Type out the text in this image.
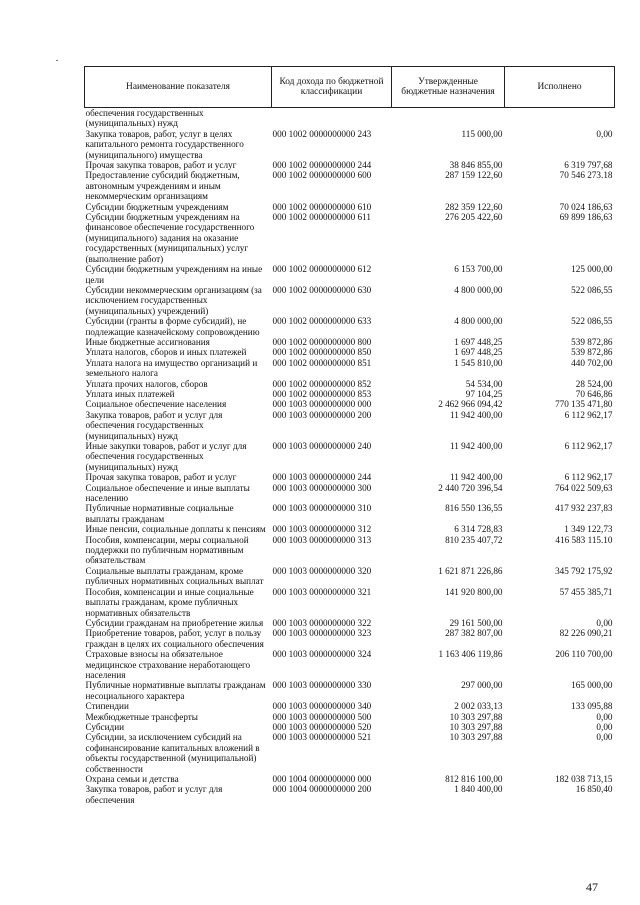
Наименование показателя	Код дохода по бюджетной классификации	Утвержденные бюджетные назначения	Исполнено
обеспечения государственных (муниципальных) нужд			
Закупка товаров, работ, услуг в целях капитального ремонта государственного (муниципального) имущества	000 1002 0000000000 243	115 000,00	0,00
Прочая закупка товаров, работ и услуг	000 1002 0000000000 244	38 846 855,00	6 319 797,68
Предоставление субсидий бюджетным, автономным учреждениям и иным некоммерческим организациям	000 1002 0000000000 600	287 159 122,60	70 546 273.18
Субсидии бюджетным учреждениям	000 1002 0000000000 610	282 359 122,60	70 024 186,63
Субсидии бюджетным учреждениям на финансовое обеспечение государственного (муниципального) задания на оказание государственных (муниципальных) услуг (выполнение работ)	000 1002 0000000000 611	276 205 422,60	69 899 186,63
Субсидии бюджетным учреждениям на иные цели	000 1002 0000000000 612	6 153 700,00	125 000,00
Субсидии некоммерческим организациям (за исключением государственных (муниципальных) учреждений)	000 1002 0000000000 630	4 800 000,00	522 086,55
Субсидии (гранты в форме субсидий), не подлежащие казначейскому сопровождению	000 1002 0000000000 633	4 800 000,00	522 086,55
Иные бюджетные ассигнования	000 1002 0000000000 800	1 697 448,25	539 872,86
Уплата налогов, сборов и иных платежей	000 1002 0000000000 850	1 697 448,25	539 872,86
Уплата налога на имущество организаций и земельного налога	000 1002 0000000000 851	1 545 810,00	440 702,00
Уплата прочих налогов, сборов	000 1002 0000000000 852	54 534,00	28 524,00
Уплата иных платежей	000 1002 0000000000 853	97 104,25	70 646,86
Социальное обеспечение населения	000 1003 0000000000 000	2 462 966 094,42	770 135 471,80
Закупка товаров, работ и услуг для обеспечения государственных (муниципальных) нужд	000 1003 0000000000 200	11 942 400,00	6 112 962,17
Иные закупки товаров, работ и услуг для обеспечения государственных (муниципальных) нужд	000 1003 0000000000 240	11 942 400,00	6 112 962,17
Прочая закупка товаров, работ и услуг	000 1003 0000000000 244	11 942 400,00	6 112 962,17
Социальное обеспечение и иные выплаты населению	000 1003 0000000000 300	2 440 720 396,54	764 022 509,63
Публичные нормативные социальные выплаты гражданам	000 1003 0000000000 310	816 550 136,55	417 932 237,83
Иные пенсии, социальные доплаты к пенсиям	000 1003 0000000000 312	6 314 728,83	1 349 122,73
Пособия, компенсации, меры социальной поддержки по публичным нормативным обязательствам	000 1003 0000000000 313	810 235 407,72	416 583 115.10
Социальные выплаты гражданам, кроме публичных нормативных социальных выплат	000 1003 0000000000 320	1 621 871 226,86	345 792 175,92
Пособия, компенсации и иные социальные выплаты гражданам, кроме публичных нормативных обязательств	000 1003 0000000000 321	141 920 800,00	57 455 385,71
Субсидии гражданам на приобретение жилья	000 1003 0000000000 322	29 161 500,00	0,00
Приобретение товаров, работ, услуг в пользу граждан в целях их социального обеспечения	000 1003 0000000000 323	287 382 807,00	82 226 090,21
Страховые взносы на обязательное медицинское страхование неработающего населения	000 1003 0000000000 324	1 163 406 119,86	206 110 700,00
Публичные нормативные выплаты гражданам несоциального характера	000 1003 0000000000 330	297 000,00	165 000,00
Стипендии	000 1003 0000000000 340	2 002 033,13	133 095,88
Межбюджетные трансферты	000 1003 0000000000 500	10 303 297,88	0,00
Субсидии	000 1003 0000000000 520	10 303 297,88	0,00
Субсидии, за исключением субсидий на софинансирование капитальных вложений в объекты государственной (муниципальной) собственности	000 1003 0000000000 521	10 303 297,88	0,00
Охрана семьи и детства	000 1004 0000000000 000	812 816 100,00	182 038 713,15
Закупка товаров, работ и услуг для обеспечения	000 1004 0000000000 200	1 840 400,00	16 850,40
47
